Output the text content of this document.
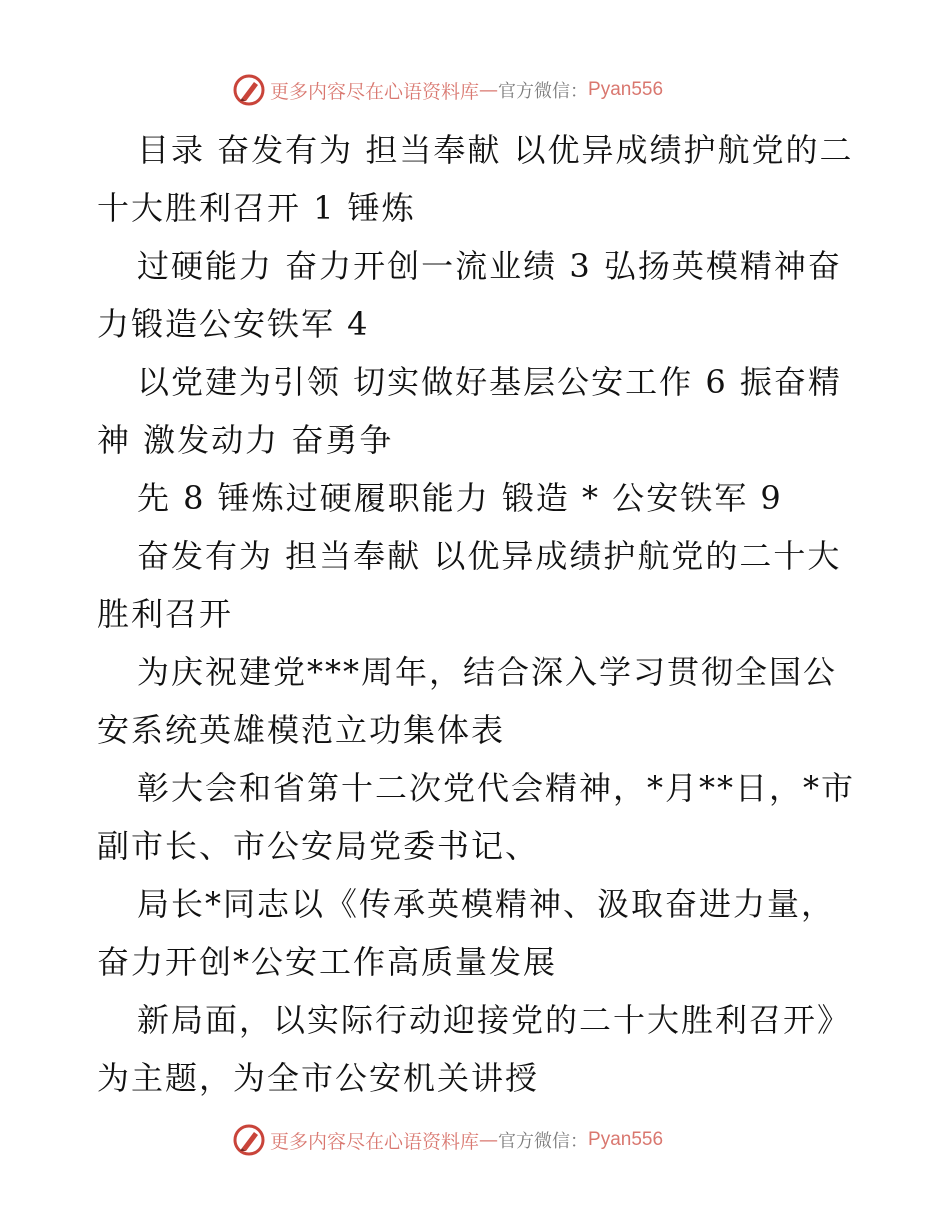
更多内容尽在心语资料库 — 官方微信： Pyan556

目录 奋发有为 担当奉献 以优异成绩护航党的二十大胜利召开 1 锤炼

过硬能力 奋力开创一流业绩 3 弘扬英模精神奋力锻造公安铁军 4

以党建为引领 切实做好基层公安工作 6 振奋精神 激发动力 奋勇争

先 8 锤炼过硬履职能力 锻造 * 公安铁军 9

奋发有为 担当奉献 以优异成绩护航党的二十大胜利召开

为庆祝建党***周年，结合深入学习贯彻全国公安系统英雄模范立功集体表

彰大会和省第十二次党代会精神，*月**日，*市副市长、市公安局党委书记、

局长*同志以《传承英模精神、汲取奋进力量，奋力开创*公安工作高质量发展

新局面，以实际行动迎接党的二十大胜利召开》为主题，为全市公安机关讲授

更多内容尽在心语资料库 — 官方微信： Pyan556
